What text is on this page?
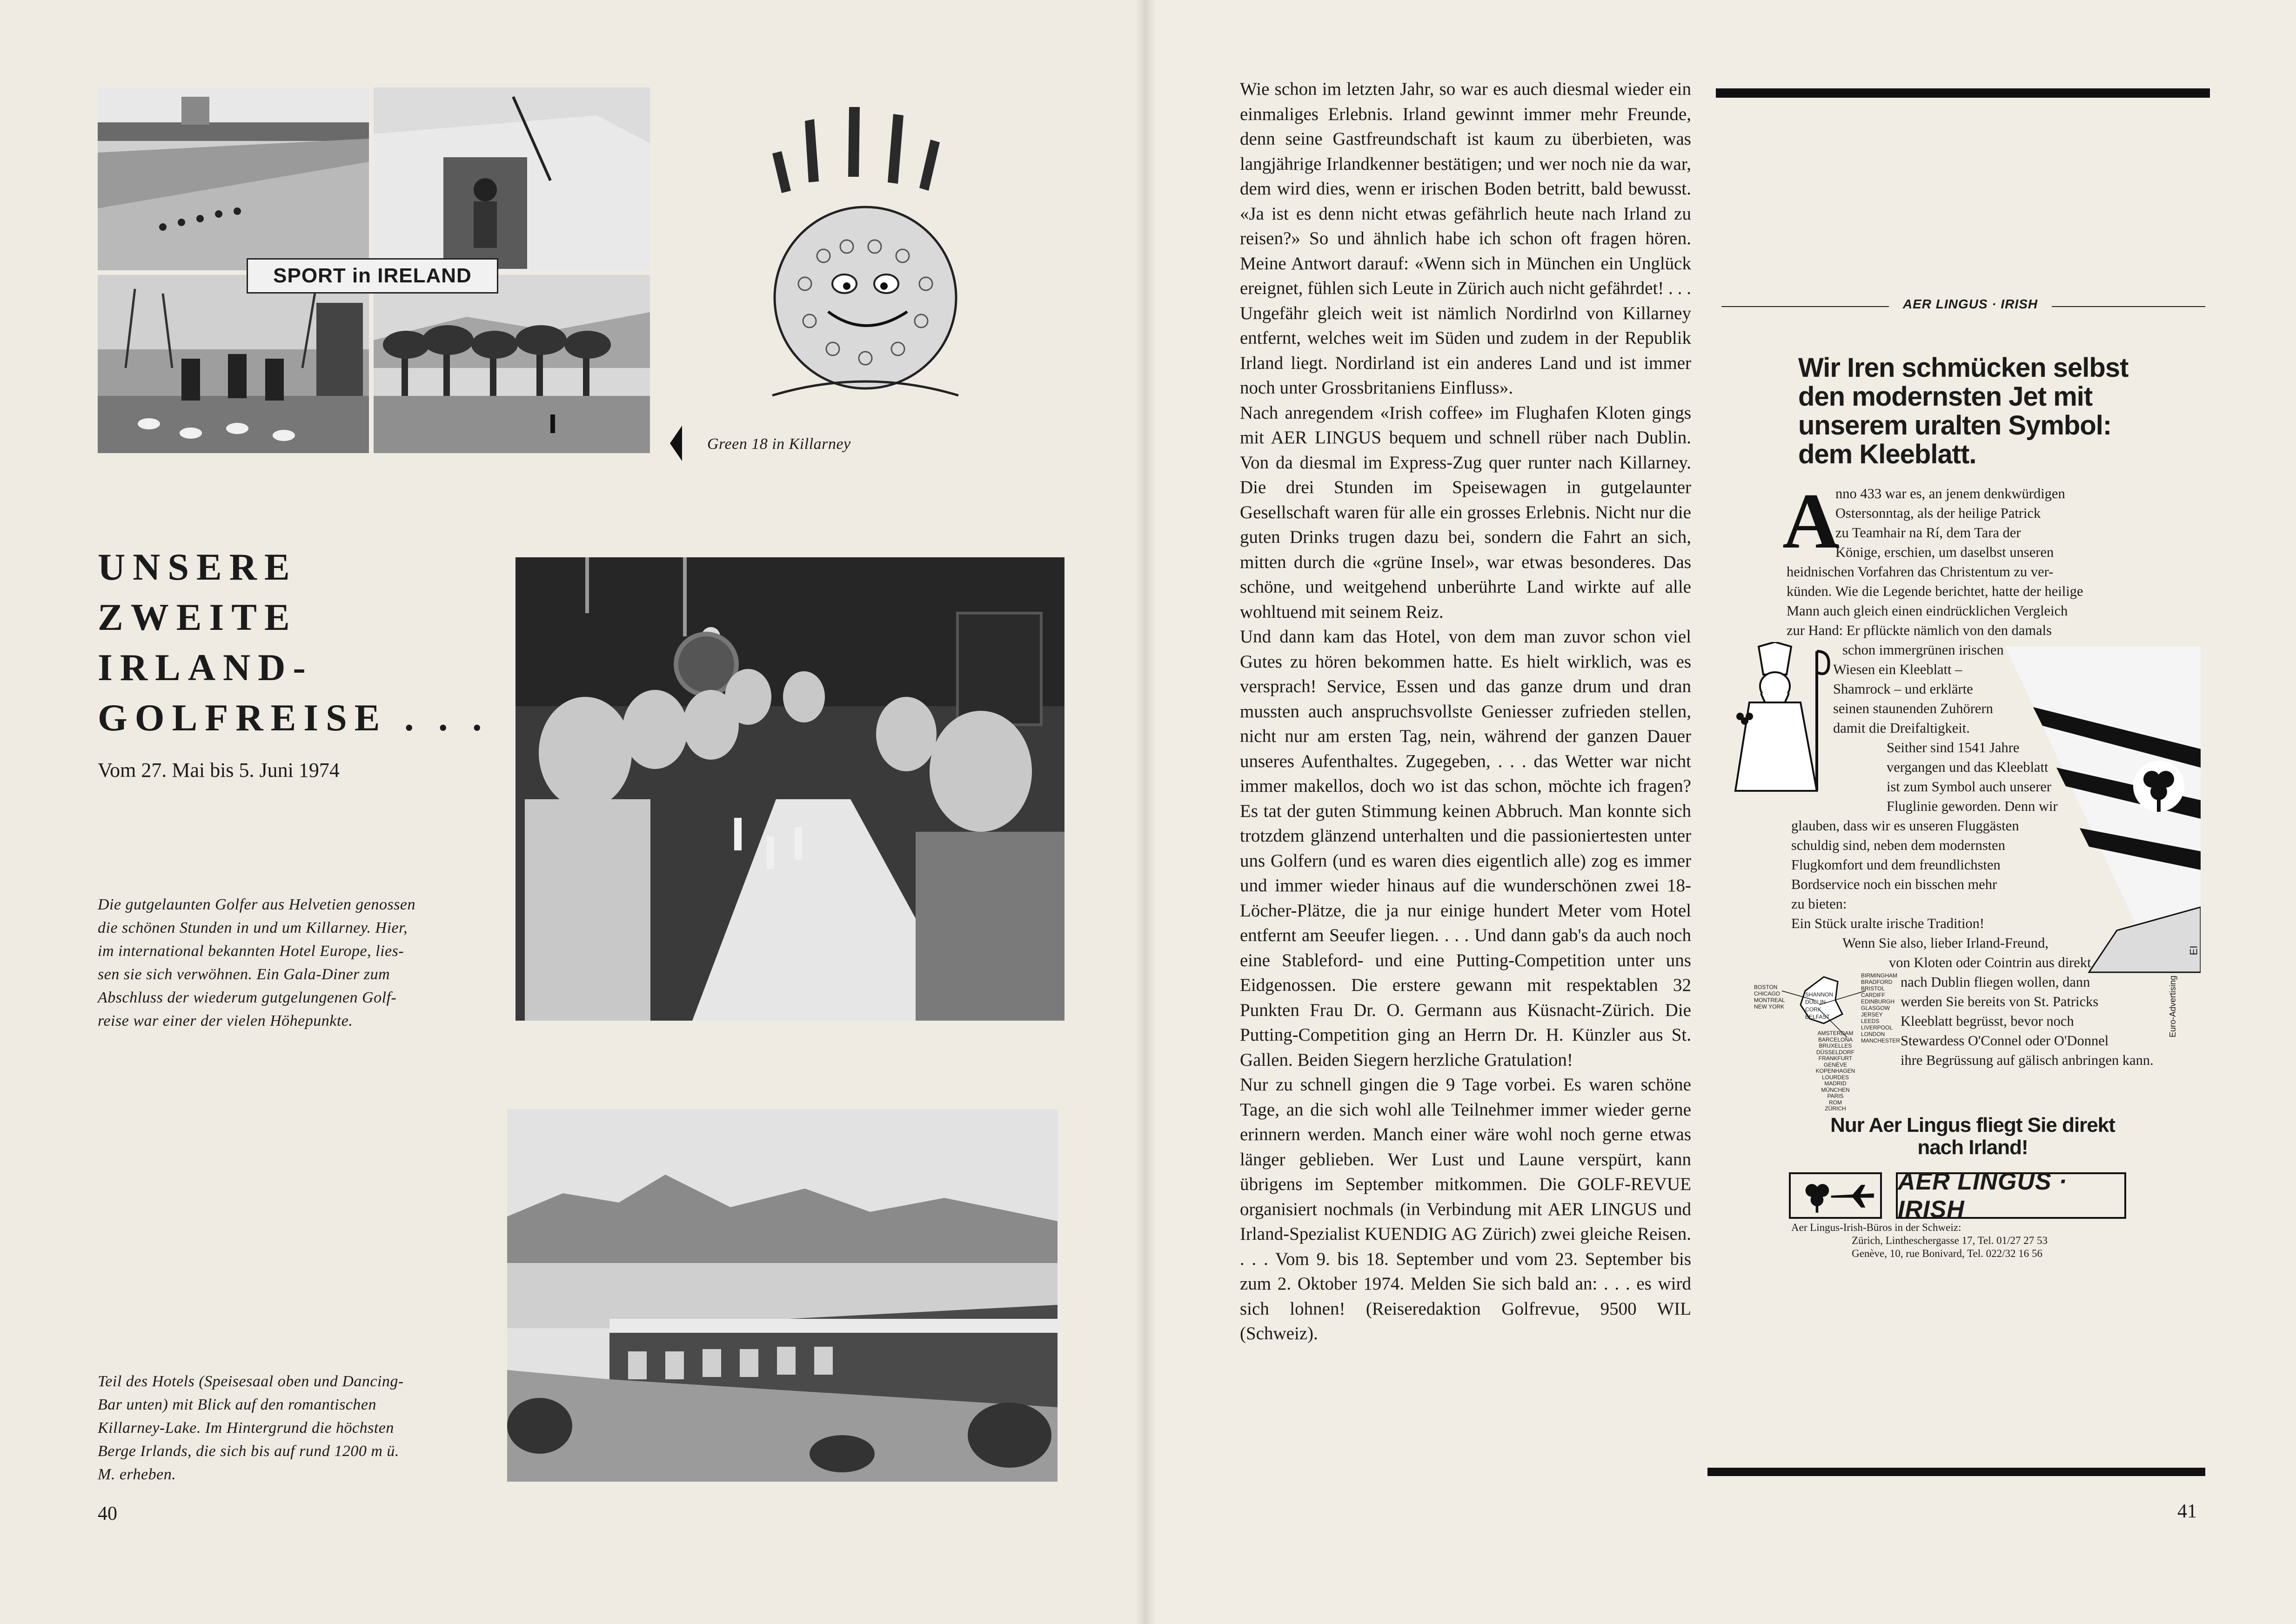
SPORT in IRELAND
Green 18 in Killarney
UNSERE
ZWEITE
IRLAND-
GOLFREISE . . .
Vom 27. Mai bis 5. Juni 1974
Die gutgelaunten Golfer aus Helvetien genossen
die schönen Stunden in und um Killarney. Hier,
im international bekannten Hotel Europe, lies-
sen sie sich verwöhnen. Ein Gala-Diner zum
Abschluss der wiederum gutgelungenen Golf-
reise war einer der vielen Höhepunkte.
Teil des Hotels (Speisesaal oben und Dancing-
Bar unten) mit Blick auf den romantischen
Killarney-Lake. Im Hintergrund die höchsten
Berge Irlands, die sich bis auf rund 1200 m ü.
M. erheben.
40

Wie schon im letzten Jahr, so war es auch diesmal wieder ein einmaliges Erlebnis. Irland gewinnt immer mehr Freunde, denn seine Gastfreundschaft ist kaum zu überbieten, was langjährige Irlandkenner bestätigen; und wer noch nie da war, dem wird dies, wenn er irischen Boden betritt, bald bewusst. «Ja ist es denn nicht etwas gefährlich heute nach Irland zu reisen?» So und ähnlich habe ich schon oft fragen hören. Meine Antwort darauf: «Wenn sich in München ein Unglück ereignet, fühlen sich Leute in Zürich auch nicht gefährdet! . . . Ungefähr gleich weit ist nämlich Nordirlnd von Killarney entfernt, welches weit im Süden und zudem in der Republik Irland liegt. Nordirland ist ein anderes Land und ist immer noch unter Grossbritaniens Einfluss».

Nach anregendem «Irish coffee» im Flughafen Kloten gings mit AER LINGUS bequem und schnell rüber nach Dublin. Von da diesmal im Express-Zug quer runter nach Killarney. Die drei Stunden im Speisewagen in gutgelaunter Gesellschaft waren für alle ein grosses Erlebnis. Nicht nur die guten Drinks trugen dazu bei, sondern die Fahrt an sich, mitten durch die «grüne Insel», war etwas besonderes. Das schöne, und weitgehend unberührte Land wirkte auf alle wohltuend mit seinem Reiz.

Und dann kam das Hotel, von dem man zuvor schon viel Gutes zu hören bekommen hatte. Es hielt wirklich, was es versprach! Service, Essen und das ganze drum und dran mussten auch anspruchsvollste Geniesser zufrieden stellen, nicht nur am ersten Tag, nein, während der ganzen Dauer unseres Aufenthaltes. Zugegeben, . . . das Wetter war nicht immer makellos, doch wo ist das schon, möchte ich fragen? Es tat der guten Stimmung keinen Abbruch. Man konnte sich trotzdem glänzend unterhalten und die passioniertesten unter uns Golfern (und es waren dies eigentlich alle) zog es immer und immer wieder hinaus auf die wunderschönen zwei 18-Löcher-Plätze, die ja nur einige hundert Meter vom Hotel entfernt am Seeufer liegen. . . . Und dann gab's da auch noch eine Stableford- und eine Putting-Competition unter uns Eidgenossen. Die erstere gewann mit respektablen 32 Punkten Frau Dr. O. Germann aus Küsnacht-Zürich. Die Putting-Competition ging an Herrn Dr. H. Künzler aus St. Gallen. Beiden Siegern herzliche Gratulation!

Nur zu schnell gingen die 9 Tage vorbei. Es waren schöne Tage, an die sich wohl alle Teilnehmer immer wieder gerne erinnern werden. Manch einer wäre wohl noch gerne etwas länger geblieben. Wer Lust und Laune verspürt, kann übrigens im September mitkommen. Die GOLF-REVUE organisiert nochmals (in Verbindung mit AER LINGUS und Irland-Spezialist KUENDIG AG Zürich) zwei gleiche Reisen. . . . Vom 9. bis 18. September und vom 23. September bis zum 2. Oktober 1974. Melden Sie sich bald an: . . . es wird sich lohnen! (Reiseredaktion Golfrevue, 9500 WIL (Schweiz).

AER LINGUS · IRISH
Wir Iren schmücken selbst den modernsten Jet mit unserem uralten Symbol: dem Kleeblatt.
A
nno 433 war es, an jenem denkwürdigen
Ostersonntag, als der heilige Patrick
zu Teamhair na Rí, dem Tara der
Könige, erschien, um daselbst unseren
heidnischen Vorfahren das Christentum zu ver-
künden. Wie die Legende berichtet, hatte der heilige
Mann auch gleich einen eindrücklichen Vergleich
zur Hand: Er pflückte nämlich von den damals
schon immergrünen irischen
Wiesen ein Kleeblatt –
Shamrock – und erklärte
seinen staunenden Zuhörern
damit die Dreifaltigkeit.
Seither sind 1541 Jahre
vergangen und das Kleeblatt
ist zum Symbol auch unserer
Fluglinie geworden. Denn wir
glauben, dass wir es unseren Fluggästen
schuldig sind, neben dem modernsten
Flugkomfort und dem freundlichsten
Bordservice noch ein bisschen mehr
zu bieten:
Ein Stück uralte irische Tradition!
Wenn Sie also, lieber Irland-Freund,
von Kloten oder Cointrin aus direkt
nach Dublin fliegen wollen, dann
werden Sie bereits von St. Patricks
Kleeblatt begrüsst, bevor noch
Stewardess O'Connel oder O'Donnel
ihre Begrüssung auf gälisch anbringen kann.
EI
BOSTON
CHICAGO
MONTREAL
NEW YORK
SHANNON
DUBLIN
CORK
BELFAST
BIRMINGHAM
BRADFORD
BRISTOL
CARDIFF
EDINBURGH
GLASGOW
JERSEY
LEEDS
LIVERPOOL
LONDON
MANCHESTER
AMSTERDAM
BARCELONA
BRUXELLES
DÜSSELDORF
FRANKFURT
GENÈVE
KOPENHAGEN
LOURDES
MADRID
MÜNCHEN
PARIS
ROM
ZÜRICH
Euro-Advertising
Nur Aer Lingus fliegt Sie direkt nach Irland!
AER LINGUS · IRISH
Aer Lingus-Irish-Büros in der Schweiz:
Zürich, Lintheschergasse 17, Tel. 01/27 27 53
Genève, 10, rue Bonivard, Tel. 022/32 16 56
41
